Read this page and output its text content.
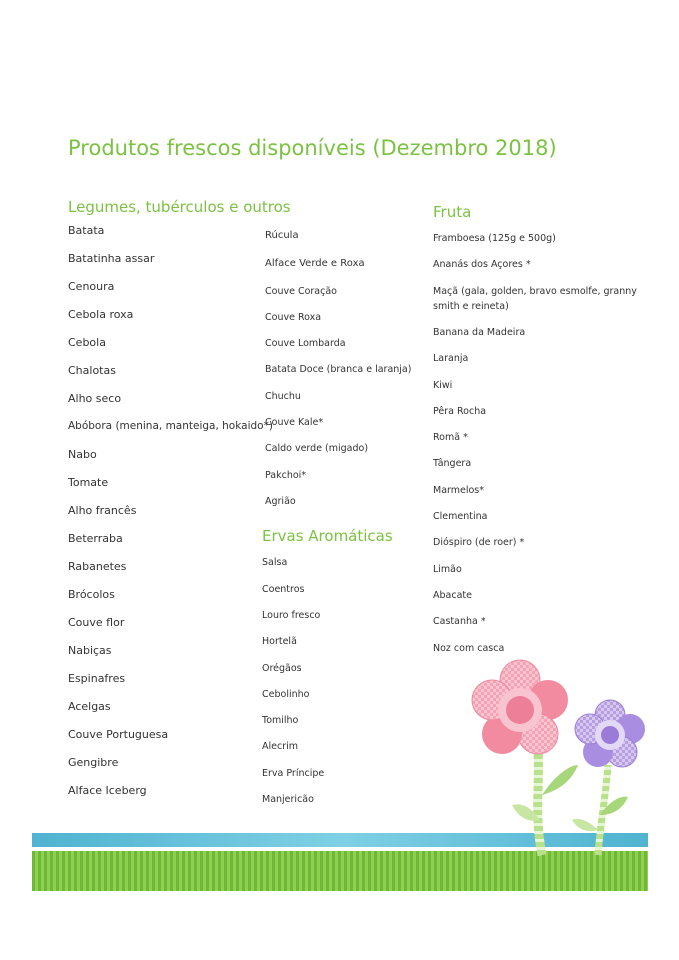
Produtos frescos disponíveis (Dezembro 2018)
Legumes, tubérculos e outros
Batata
Batatinha assar
Cenoura
Cebola roxa
Cebola
Chalotas
Alho seco
Abóbora (menina, manteiga, hokaido*)
Nabo
Tomate
Alho francês
Beterraba
Rabanetes
Brócolos
Couve flor
Nabiças
Espinafres
Acelgas
Couve Portuguesa
Gengibre
Alface Iceberg
Rúcula
Alface Verde e Roxa
Couve Coração
Couve Roxa
Couve Lombarda
Batata Doce (branca e laranja)
Chuchu
Couve Kale*
Caldo verde (migado)
Pakchoi*
Agrião
Ervas Aromáticas
Salsa
Coentros
Louro fresco
Hortelã
Orégãos
Cebolinho
Tomilho
Alecrim
Erva Príncipe
Manjericão
Fruta
Framboesa (125g e 500g)
Ananás dos Açores *
Maçã (gala, golden, bravo esmolfe, granny smith e reineta)
Banana da Madeira
Laranja
Kiwi
Pêra Rocha
Romã *
Tângera
Marmelos*
Clementina
Dióspiro (de roer) *
Limão
Abacate
Castanha *
Noz com casca
